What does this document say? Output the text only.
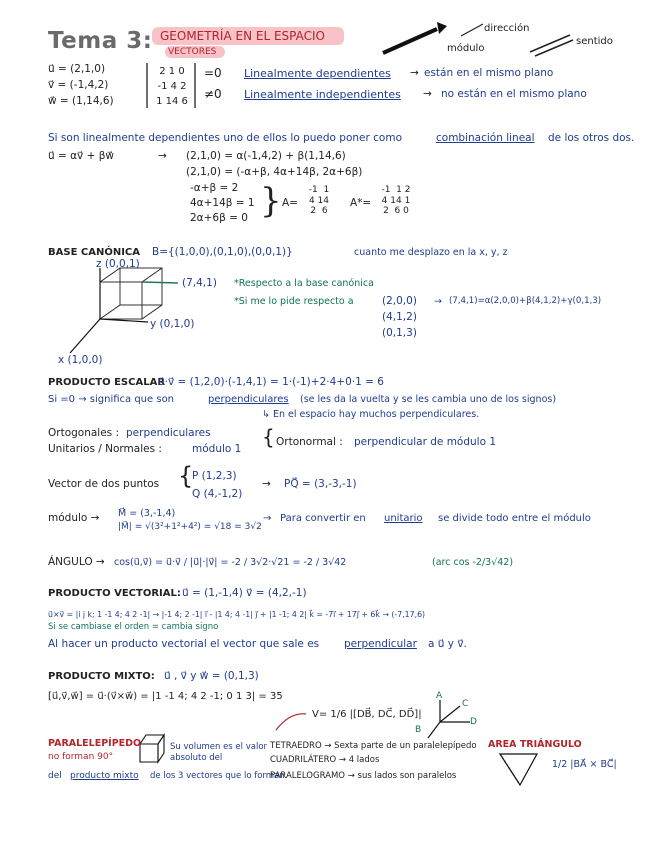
Tema 3: GEOMETRÍA EN EL ESPACIO
VECTORES
dirección
módulo
sentido
u⃗ = (2,1,0)
v⃗ = (-1,4,2)
w⃗ = (1,14,6)
2 1 0
-1 4 2
1 14 6
=0 Linealmente dependientes → están en el mismo plano
≠0 Linealmente independientes → no están en el mismo plano
Si son linealmente dependientes uno de ellos lo puedo poner como	combinación lineal de los otros dos.
u⃗ = αv⃗ + βw⃗	→ (2,1,0) = α(-1,4,2) + β(1,14,6)
(2,1,0) = (-α+β, 4α+14β, 2α+6β)
-α+β = 2
4α+14β = 1
2α+6β = 0 } A=
-1  1
4 14
2  6
A*=
-1  1 2
4 14 1
2  6 0
BASE CANÓNICA B={(1,0,0),(0,1,0),(0,0,1)}	cuanto me desplazo en la x, y, z
z (0,0,1)
y (0,1,0)
x (1,0,0)
(7,4,1) *Respecto a la base canónica
*Si me lo pide respecto a	(2,0,0)
(4,1,2)
(0,1,3)
→ (7,4,1)=α(2,0,0)+β(4,1,2)+γ(0,1,3)
PRODUCTO ESCALAR
u⃗·v⃗ = (1,2,0)·(-1,4,1) = 1·(-1)+2·4+0·1 = 6
Si =0 → significa que son	perpendiculares (se les da la vuelta y se les cambia uno de los signos)
↳ En el espacio hay muchos perpendiculares.
Ortogonales : perpendiculares
Unitarios / Normales :	módulo 1 { Ortonormal : perpendicular de módulo 1
Vector de dos puntos {
P (1,2,3)
Q (4,-1,2)
→ PQ⃗ = (3,-3,-1)
módulo → M⃗ = (3,-1,4)
|M⃗| = √(3²+1²+4²) = √18 = 3√2
→ Para convertir en unitario se divide todo entre el módulo
ÁNGULO → cos(u⃗,v⃗) = u⃗·v⃗ / |u⃗|·|v⃗| = -2 / 3√2·√21 = -2 / 3√42	(arc cos -2/3√42)
PRODUCTO VECTORIAL: u⃗ = (1,-1,4) v⃗ = (4,2,-1)
u⃗×v⃗ = |i j k; 1 -1 4; 4 2 -1| → |-1 4; 2 -1| i⃗ - |1 4; 4 -1| j⃗ + |1 -1; 4 2| k⃗ = -7i⃗ + 17j⃗ + 6k⃗ → (-7,17,6)
Si se cambiase el orden = cambia signo
Al hacer un producto vectorial el vector que sale es perpendicular a u⃗ y v⃗.
PRODUCTO MIXTO: u⃗ , v⃗ y w⃗ = (0,1,3)
[u⃗,v⃗,w⃗] = u⃗·(v⃗×w⃗) = |1 -1 4; 4 2 -1; 0 1 3| = 35
V= 1/6 |[DB⃗, DC⃗, DD⃗]|
B
D
C
A
PARALELEPÍPEDO
no forman 90°
Su volumen es el valor absoluto del
del producto mixto de los 3 vectores que lo forman
TETRAEDRO → Sexta parte de un paralelepípedo
CUADRILÁTERO → 4 lados
PARALELOGRAMO → sus lados son paralelos
AREA TRIÁNGULO
1/2 |BA⃗ × BC⃗|
